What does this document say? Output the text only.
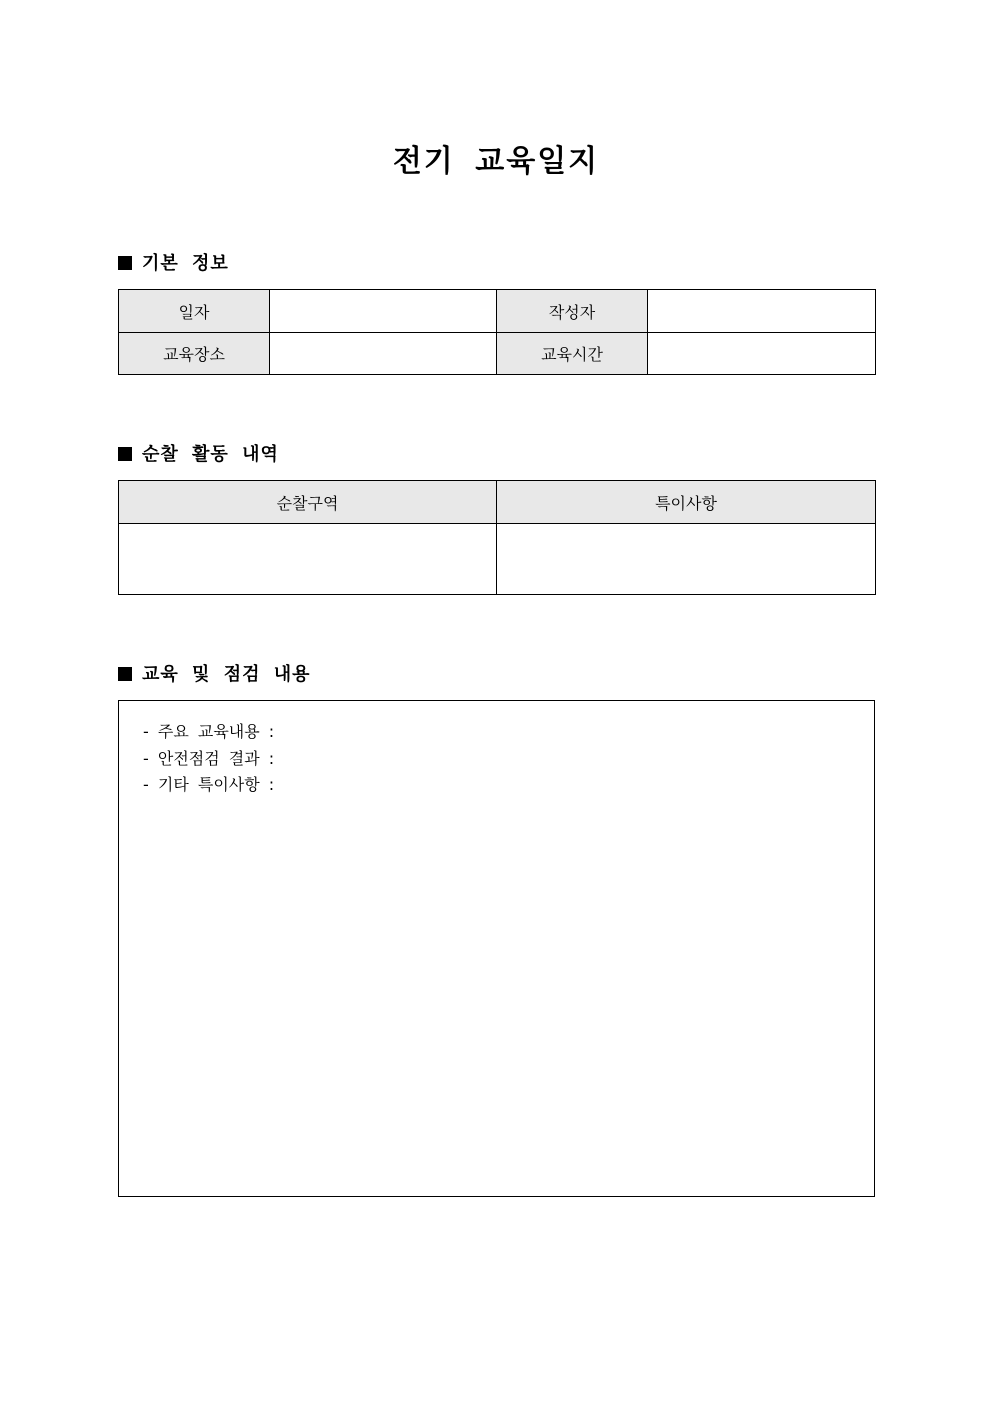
전기 교육일지
기본 정보
일자		작성자	
교육장소		교육시간	
순찰 활동 내역
순찰구역	특이사항

교육 및 점검 내용
- 주요 교육내용 :
- 안전점검 결과 :
- 기타 특이사항 :
